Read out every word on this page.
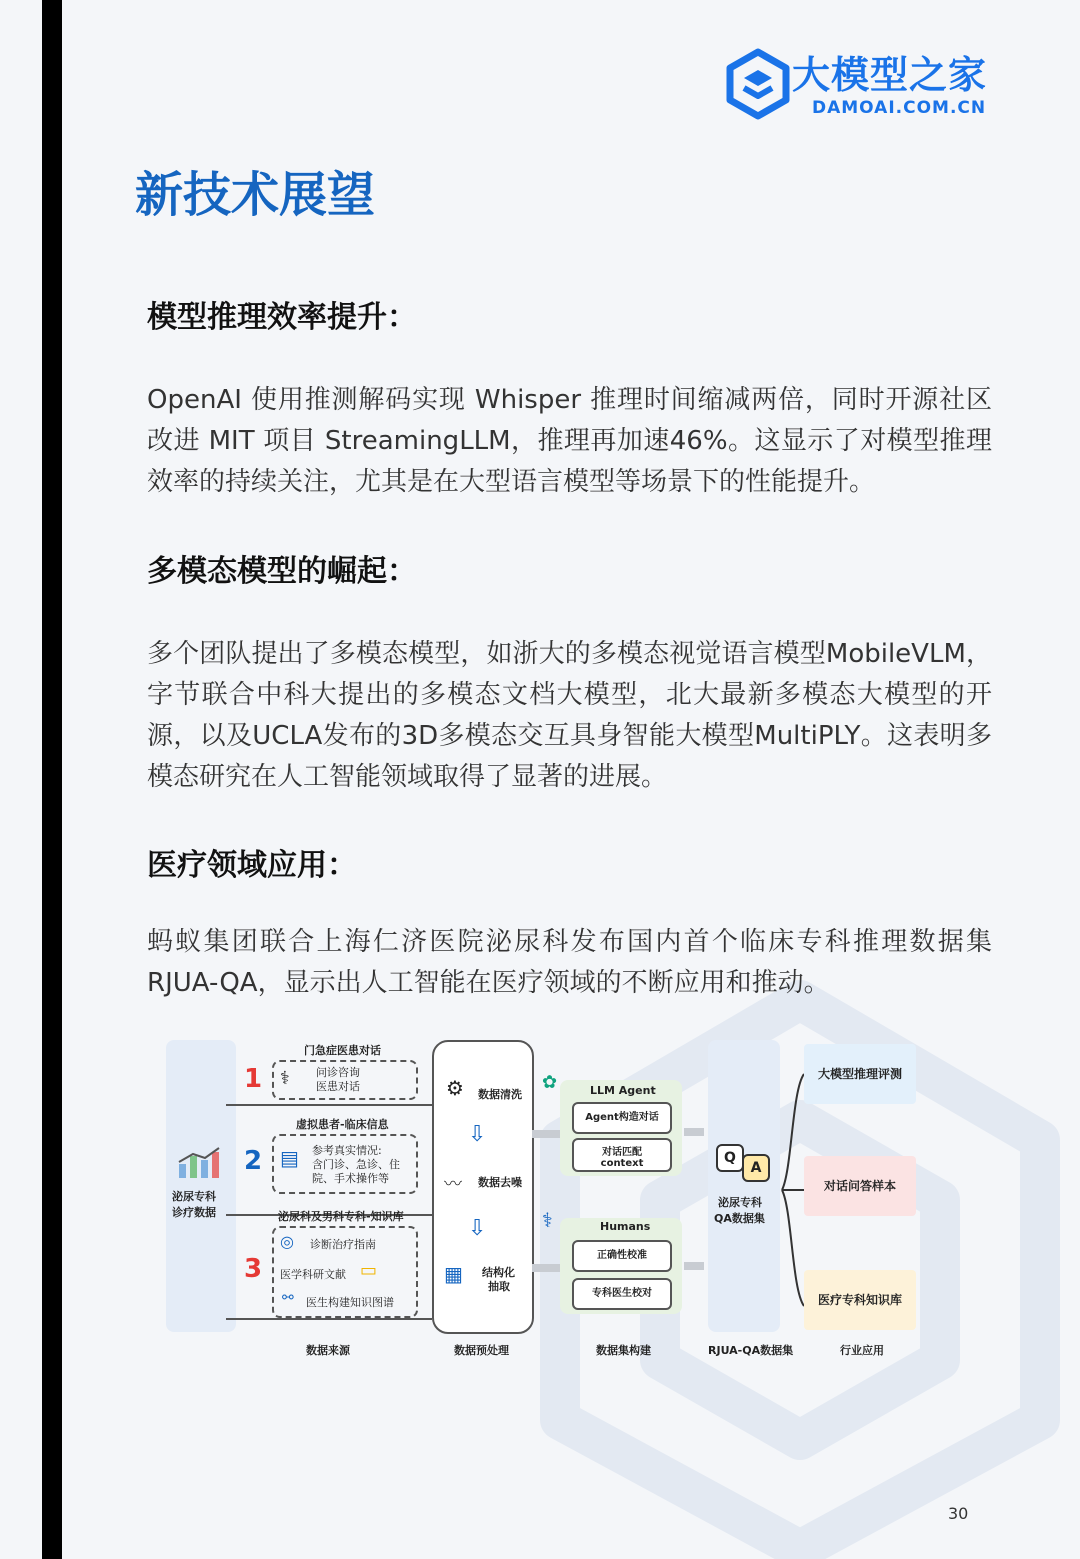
大模型之家
DAMOAI.COM.CN
新技术展望
模型推理效率提升：
OpenAI 使用推测解码实现 Whisper 推理时间缩减两倍，同时开源社区改进 MIT 项目 StreamingLLM，推理再加速46%。这显示了对模型推理效率的持续关注，尤其是在大型语言模型等场景下的性能提升。
多模态模型的崛起：
多个团队提出了多模态模型，如浙大的多模态视觉语言模型MobileVLM，字节联合中科大提出的多模态文档大模型，北大最新多模态大模型的开源，以及UCLA发布的3D多模态交互具身智能大模型MultiPLY。这表明多模态研究在人工智能领域取得了显著的进展。
医疗领域应用：
蚂蚁集团联合上海仁济医院泌尿科发布国内首个临床专科推理数据集RJUA-QA，显示出人工智能在医疗领域的不断应用和推动。
泌尿专科
诊疗数据
门急症医患对话
1 ⚕ 问诊咨询
医患对话
虚拟患者-临床信息
2 ▤ 参考真实情况:
含门诊、急诊、住
院、手术操作等
泌尿科及男科专科-知识库
3
◎ 诊断治疗指南
医学科研文献 ▭
⚯ 医生构建知识图谱
⚙ 数据清洗
⇩
〰 数据去噪
⇩
▦ 结构化
抽取
✿	LLM Agent
Agent构造对话
对话匹配
context
⚕	Humans
正确性校准
专科医生校对
Q
A
泌尿专科
QA数据集
大模型推理评测
对话问答样本
医疗专科知识库
数据来源	数据预处理	数据集构建	RJUA-QA数据集	行业应用
30
